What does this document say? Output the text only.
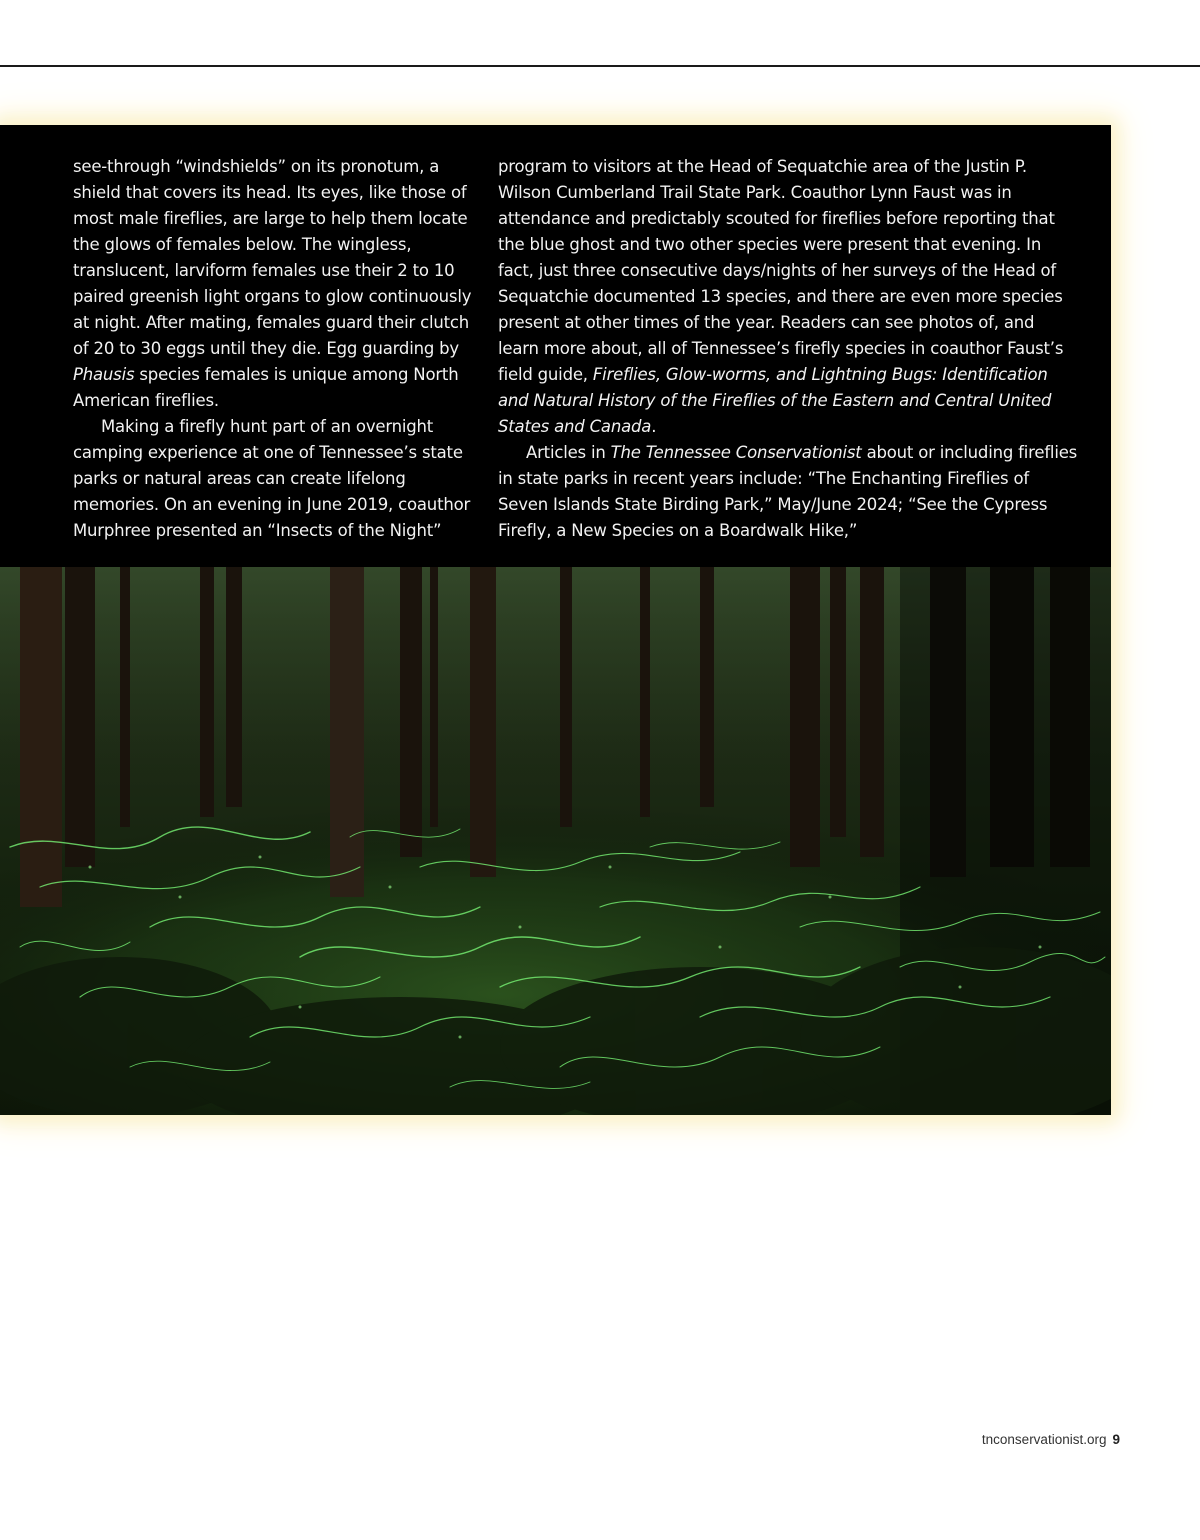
see-through “windshields” on its pronotum, a shield that covers its head. Its eyes, like those of most male fireflies, are large to help them locate the glows of females below. The wingless, translucent, larviform females use their 2 to 10 paired greenish light organs to glow continuously at night. After mating, females guard their clutch of 20 to 30 eggs until they die. Egg guarding by Phausis species females is unique among North American fireflies.

Making a firefly hunt part of an overnight camping experience at one of Tennessee’s state parks or natural areas can create lifelong memories. On an evening in June 2019, coauthor Murphree presented an “Insects of the Night”

program to visitors at the Head of Sequatchie area of the Justin P. Wilson Cumberland Trail State Park. Coauthor Lynn Faust was in attendance and predictably scouted for fireflies before reporting that the blue ghost and two other species were present that evening. In fact, just three consecutive days/nights of her surveys of the Head of Sequatchie documented 13 species, and there are even more species present at other times of the year. Readers can see photos of, and learn more about, all of Tennessee’s firefly species in coauthor Faust’s field guide, Fireflies, Glow-worms, and Lightning Bugs: Identification and Natural History of the Fireflies of the Eastern and Central United States and Canada.

Articles in The Tennessee Conservationist about or including fireflies in state parks in recent years include: “The Enchanting Fireflies of Seven Islands State Birding Park,” May/June 2024; “See the Cypress Firefly, a New Species on a Boardwalk Hike,”

tnconservationist.org 9
